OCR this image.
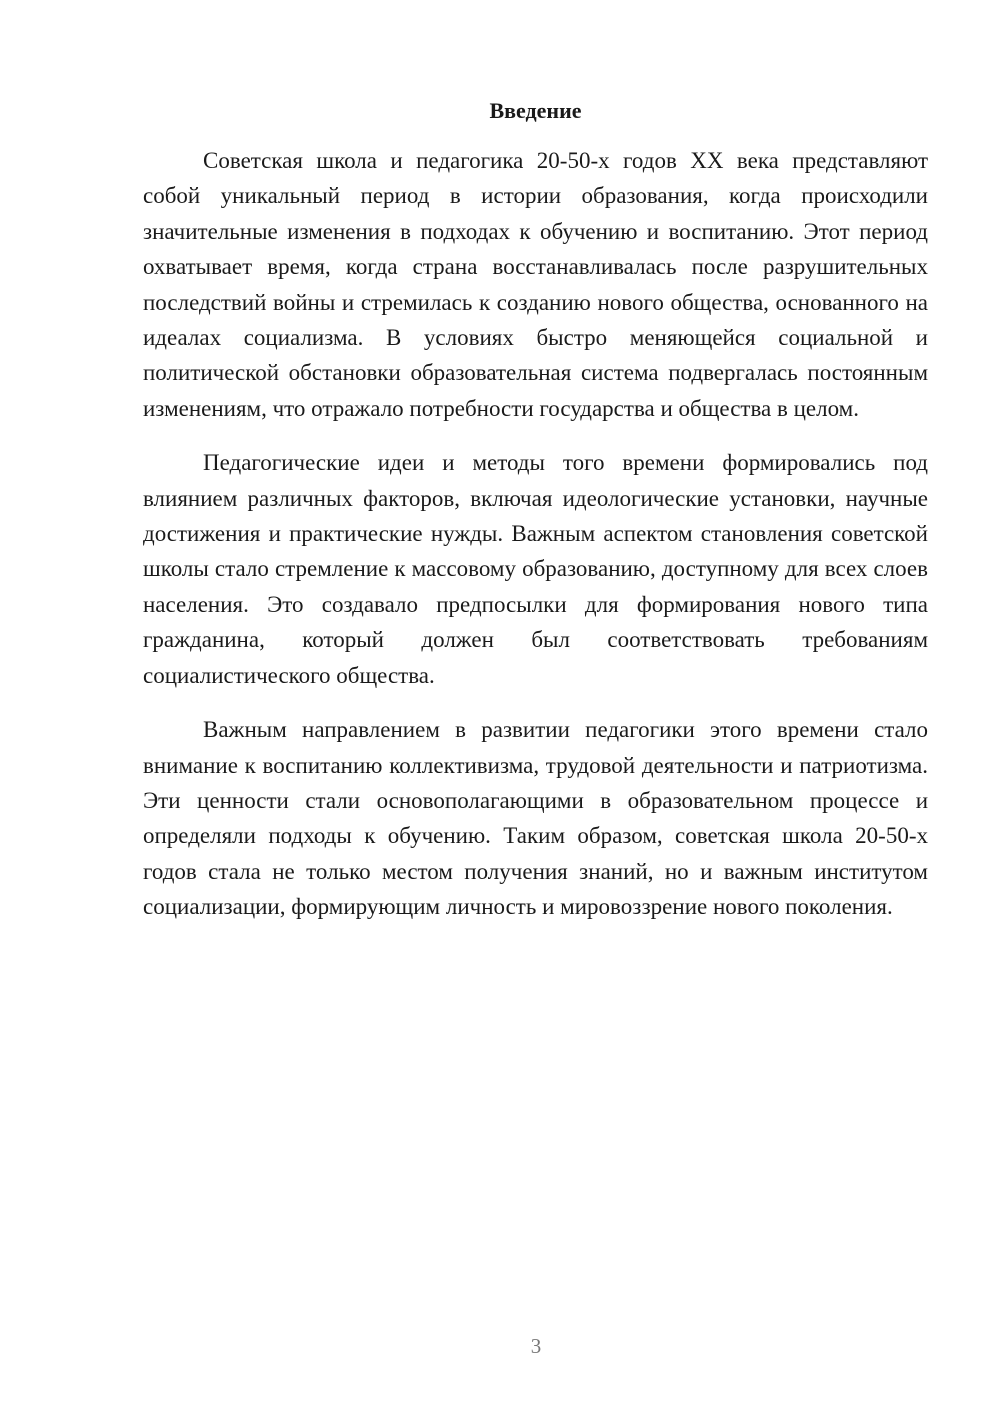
Введение

Советская школа и педагогика 20-50-х годов XX века представляют собой уникальный период в истории образования, когда происходили значительные изменения в подходах к обучению и воспитанию. Этот период охватывает время, когда страна восстанавливалась после разрушительных последствий войны и стремилась к созданию нового общества, основанного на идеалах социализма. В условиях быстро меняющейся социальной и политической обстановки образовательная система подвергалась постоянным изменениям, что отражало потребности государства и общества в целом.

Педагогические идеи и методы того времени формировались под влиянием различных факторов, включая идеологические установки, научные достижения и практические нужды. Важным аспектом становления советской школы стало стремление к массовому образованию, доступному для всех слоев населения. Это создавало предпосылки для формирования нового типа гражданина, который должен был соответствовать требованиям социалистического общества.

Важным направлением в развитии педагогики этого времени стало внимание к воспитанию коллективизма, трудовой деятельности и патриотизма. Эти ценности стали основополагающими в образовательном процессе и определяли подходы к обучению. Таким образом, советская школа 20-50-х годов стала не только местом получения знаний, но и важным институтом социализации, формирующим личность и мировоззрение нового поколения.

3
